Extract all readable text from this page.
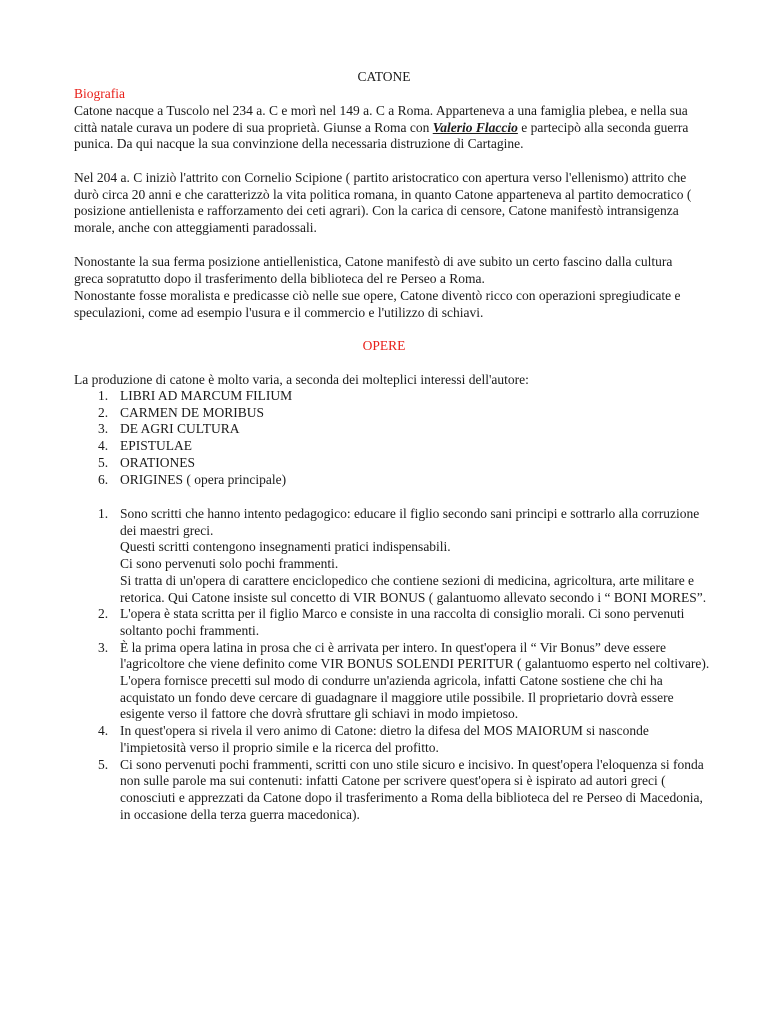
CATONE

Biografia

Catone nacque a Tuscolo nel 234 a. C e morì nel 149 a. C a Roma. Apparteneva a una famiglia plebea, e nella sua città natale curava un podere di sua proprietà. Giunse a Roma con Valerio Flaccio e partecipò alla seconda guerra punica. Da qui nacque la sua convinzione della necessaria distruzione di Cartagine.

Nel 204 a. C iniziò l'attrito con Cornelio Scipione ( partito aristocratico con apertura verso l'ellenismo) attrito che durò circa 20 anni e che caratterizzò la vita politica romana, in quanto Catone apparteneva al partito democratico ( posizione antiellenista e rafforzamento dei ceti agrari). Con la carica di censore, Catone manifestò intransigenza morale, anche con atteggiamenti paradossali.

Nonostante la sua ferma posizione antiellenistica, Catone manifestò di ave subito un certo fascino dalla cultura greca sopratutto dopo il trasferimento della biblioteca del re Perseo a Roma.

Nonostante fosse moralista e predicasse ciò nelle sue opere, Catone diventò ricco con operazioni spregiudicate e speculazioni, come ad esempio l'usura e il commercio e l'utilizzo di schiavi.

OPERE

La produzione di catone è molto varia, a seconda dei molteplici interessi dell'autore:

1. LIBRI AD MARCUM FILIUM
2. CARMEN DE MORIBUS
3. DE AGRI CULTURA
4. EPISTULAE
5. ORATIONES
6. ORIGINES ( opera principale)
1. Sono scritti che hanno intento pedagogico: educare il figlio secondo sani principi e sottrarlo alla corruzione dei maestri greci.
Questi scritti contengono insegnamenti pratici indispensabili.
Ci sono pervenuti solo pochi frammenti.
Si tratta di un'opera di carattere enciclopedico che contiene sezioni di medicina, agricoltura, arte militare e retorica. Qui Catone insiste sul concetto di VIR BONUS ( galantuomo allevato secondo i “ BONI MORES”.
2. L'opera è stata scritta per il figlio Marco e consiste in una raccolta di consiglio morali. Ci sono pervenuti soltanto pochi frammenti.
3. È la prima opera latina in prosa che ci è arrivata per intero. In quest'opera il “ Vir Bonus” deve essere l'agricoltore che viene definito come VIR BONUS SOLENDI PERITUR ( galantuomo esperto nel coltivare).
L'opera fornisce precetti sul modo di condurre un'azienda agricola, infatti Catone sostiene che chi ha acquistato un fondo deve cercare di guadagnare il maggiore utile possibile. Il proprietario dovrà essere esigente verso il fattore che dovrà sfruttare gli schiavi in modo impietoso.
4. In quest'opera si rivela il vero animo di Catone: dietro la difesa del MOS MAIORUM si nasconde l'impietosità verso il proprio simile e la ricerca del profitto.
5. Ci sono pervenuti pochi frammenti, scritti con uno stile sicuro e incisivo. In quest'opera l'eloquenza si fonda non sulle parole ma sui contenuti: infatti Catone per scrivere quest'opera si è ispirato ad autori greci ( conosciuti e apprezzati da Catone dopo il trasferimento a Roma della biblioteca del re Perseo di Macedonia, in occasione della terza guerra macedonica).
